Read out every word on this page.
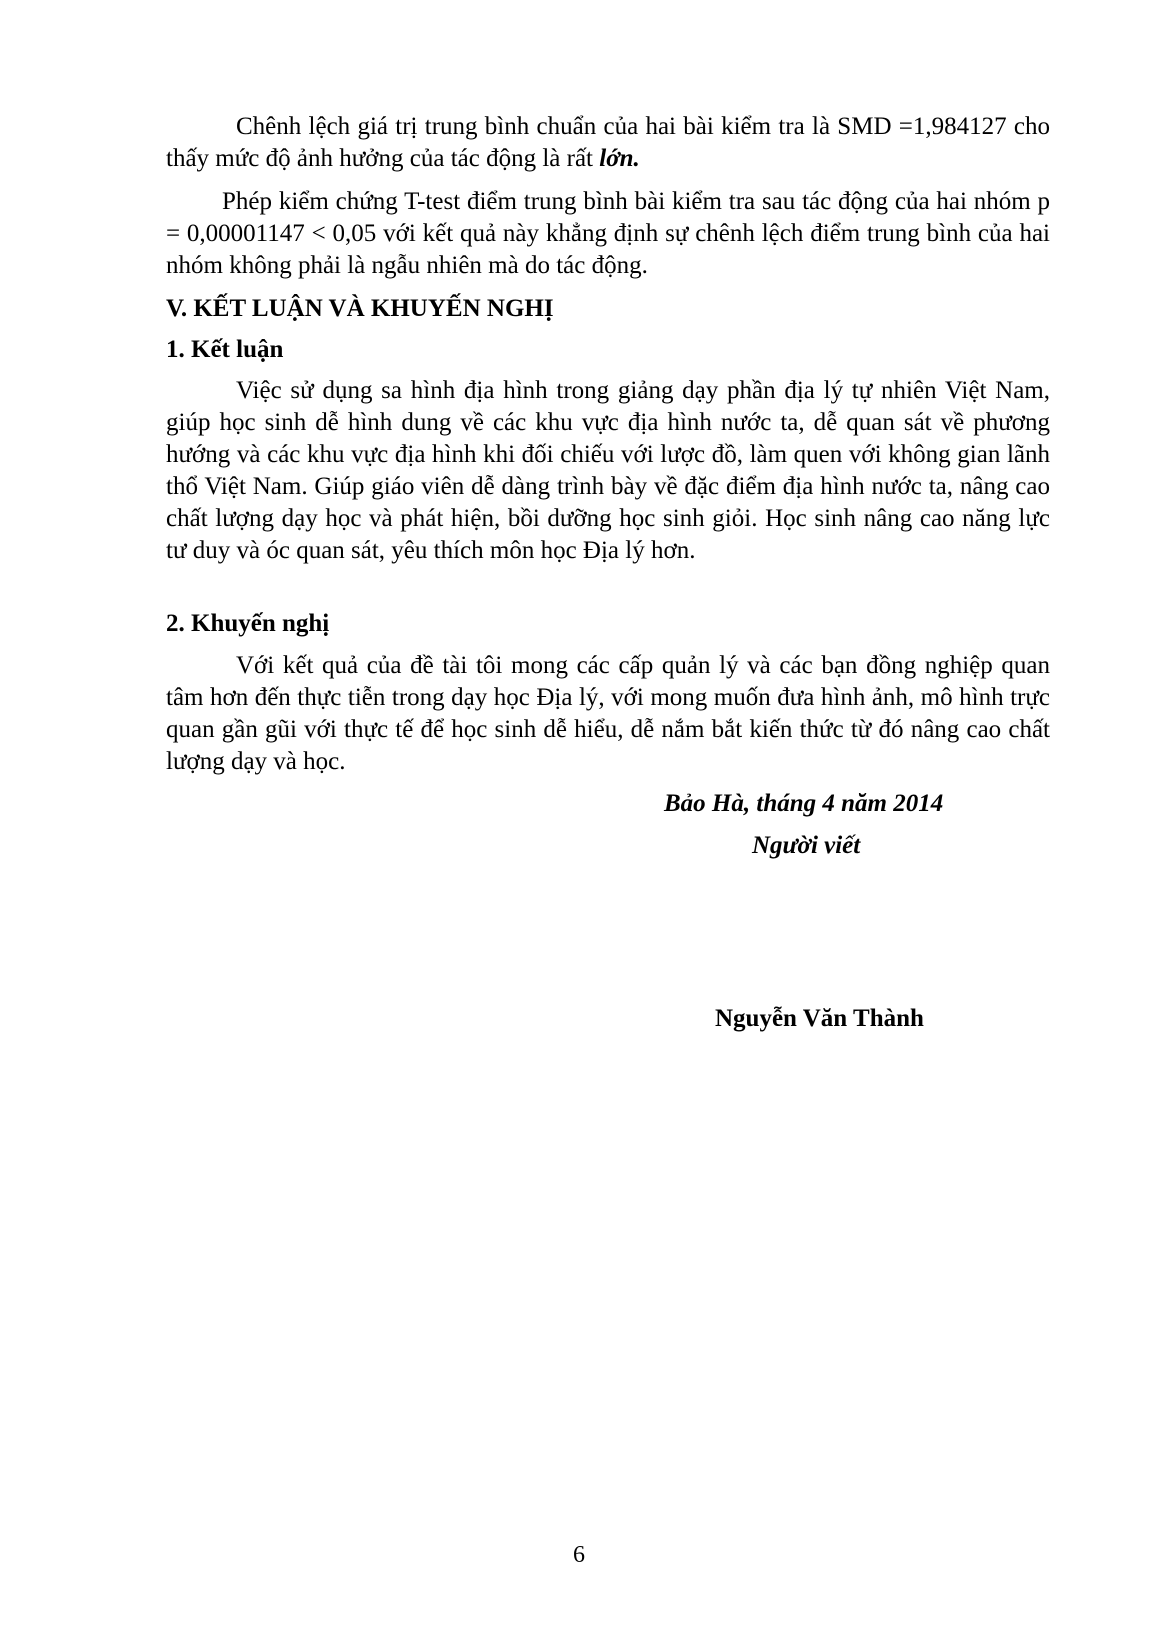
Chênh lệch giá trị trung bình chuẩn của hai bài kiểm tra là SMD =1,984127 cho thấy mức độ ảnh hưởng của tác động là rất lớn.

Phép kiểm chứng T-test điểm trung bình bài kiểm tra sau tác động của hai nhóm p = 0,00001147 < 0,05 với kết quả này khẳng định sự chênh lệch điểm trung bình của hai nhóm không phải là ngẫu nhiên mà do tác động.

V. KẾT LUẬN VÀ KHUYẾN NGHỊ
1. Kết luận

Việc sử dụng sa hình địa hình trong giảng dạy phần địa lý tự nhiên Việt Nam, giúp học sinh dễ hình dung về các khu vực địa hình nước ta, dễ quan sát về phương hướng và các khu vực địa hình khi đối chiếu với lược đồ, làm quen với không gian lãnh thổ Việt Nam. Giúp giáo viên dễ dàng trình bày về đặc điểm địa hình nước ta, nâng cao chất lượng dạy học và phát hiện, bồi dưỡng học sinh giỏi. Học sinh nâng cao năng lực tư duy và óc quan sát, yêu thích môn học Địa lý hơn.

2. Khuyến nghị

Với kết quả của đề tài tôi mong các cấp quản lý và các bạn đồng nghiệp quan tâm hơn đến thực tiễn trong dạy học Địa lý, với mong muốn đưa hình ảnh, mô hình trực quan gần gũi với thực tế để học sinh dễ hiểu, dễ nắm bắt kiến thức từ đó nâng cao chất lượng dạy và học.

Bảo Hà, tháng 4 năm 2014

Người viết

Nguyễn Văn Thành

6
